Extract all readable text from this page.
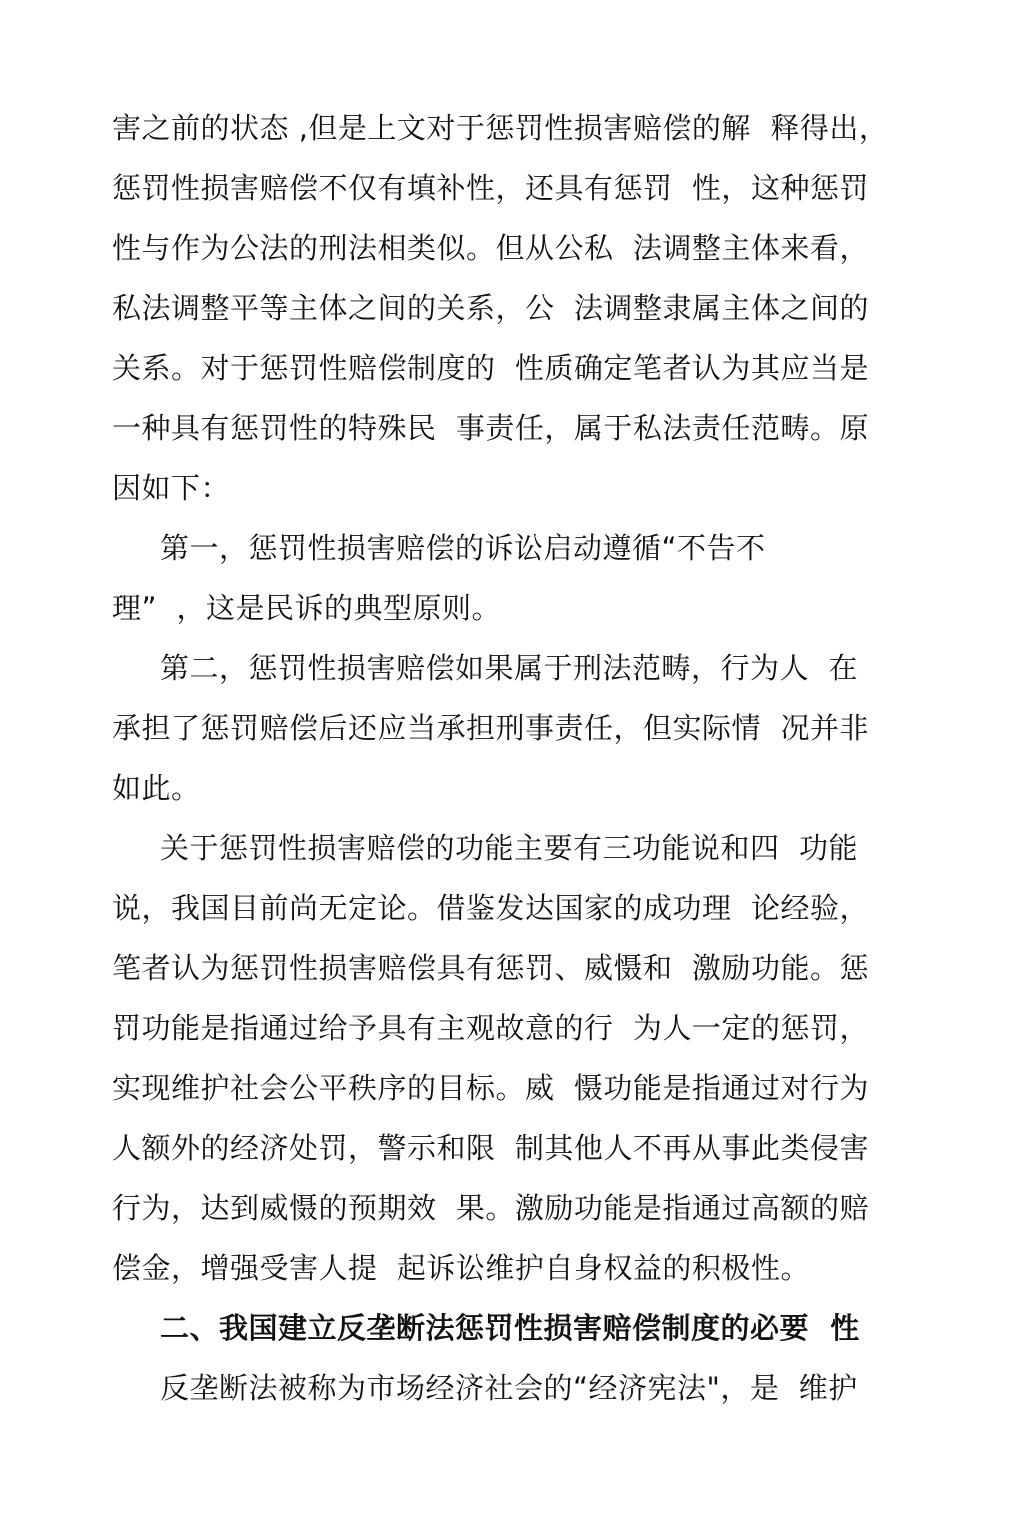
害之前的状态 ,但是上文对于惩罚性损害赔偿的解  释得出，
惩罚性损害赔偿不仅有填补性，还具有惩罚  性，这种惩罚
性与作为公法的刑法相类似。但从公私  法调整主体来看，
私法调整平等主体之间的关系，公  法调整隶属主体之间的
关系。对于惩罚性赔偿制度的  性质确定笔者认为其应当是
一种具有惩罚性的特殊民  事责任，属于私法责任范畴。原
因如下：
第一，惩罚性损害赔偿的诉讼启动遵循“不告不
理”  ，这是民诉的典型原则。
第二，惩罚性损害赔偿如果属于刑法范畴，行为人  在
承担了惩罚赔偿后还应当承担刑事责任，但实际情  况并非
如此。
关于惩罚性损害赔偿的功能主要有三功能说和四  功能
说，我国目前尚无定论。借鉴发达国家的成功理  论经验，
笔者认为惩罚性损害赔偿具有惩罚、威慑和  激励功能。惩
罚功能是指通过给予具有主观故意的行  为人一定的惩罚，
实现维护社会公平秩序的目标。威  慑功能是指通过对行为
人额外的经济处罚，警示和限  制其他人不再从事此类侵害
行为，达到威慑的预期效  果。激励功能是指通过高额的赔
偿金，增强受害人提  起诉讼维护自身权益的积极性。
二、我国建立反垄断法惩罚性损害赔偿制度的必要  性
反垄断法被称为市场经济社会的“经济宪法"，是  维护
